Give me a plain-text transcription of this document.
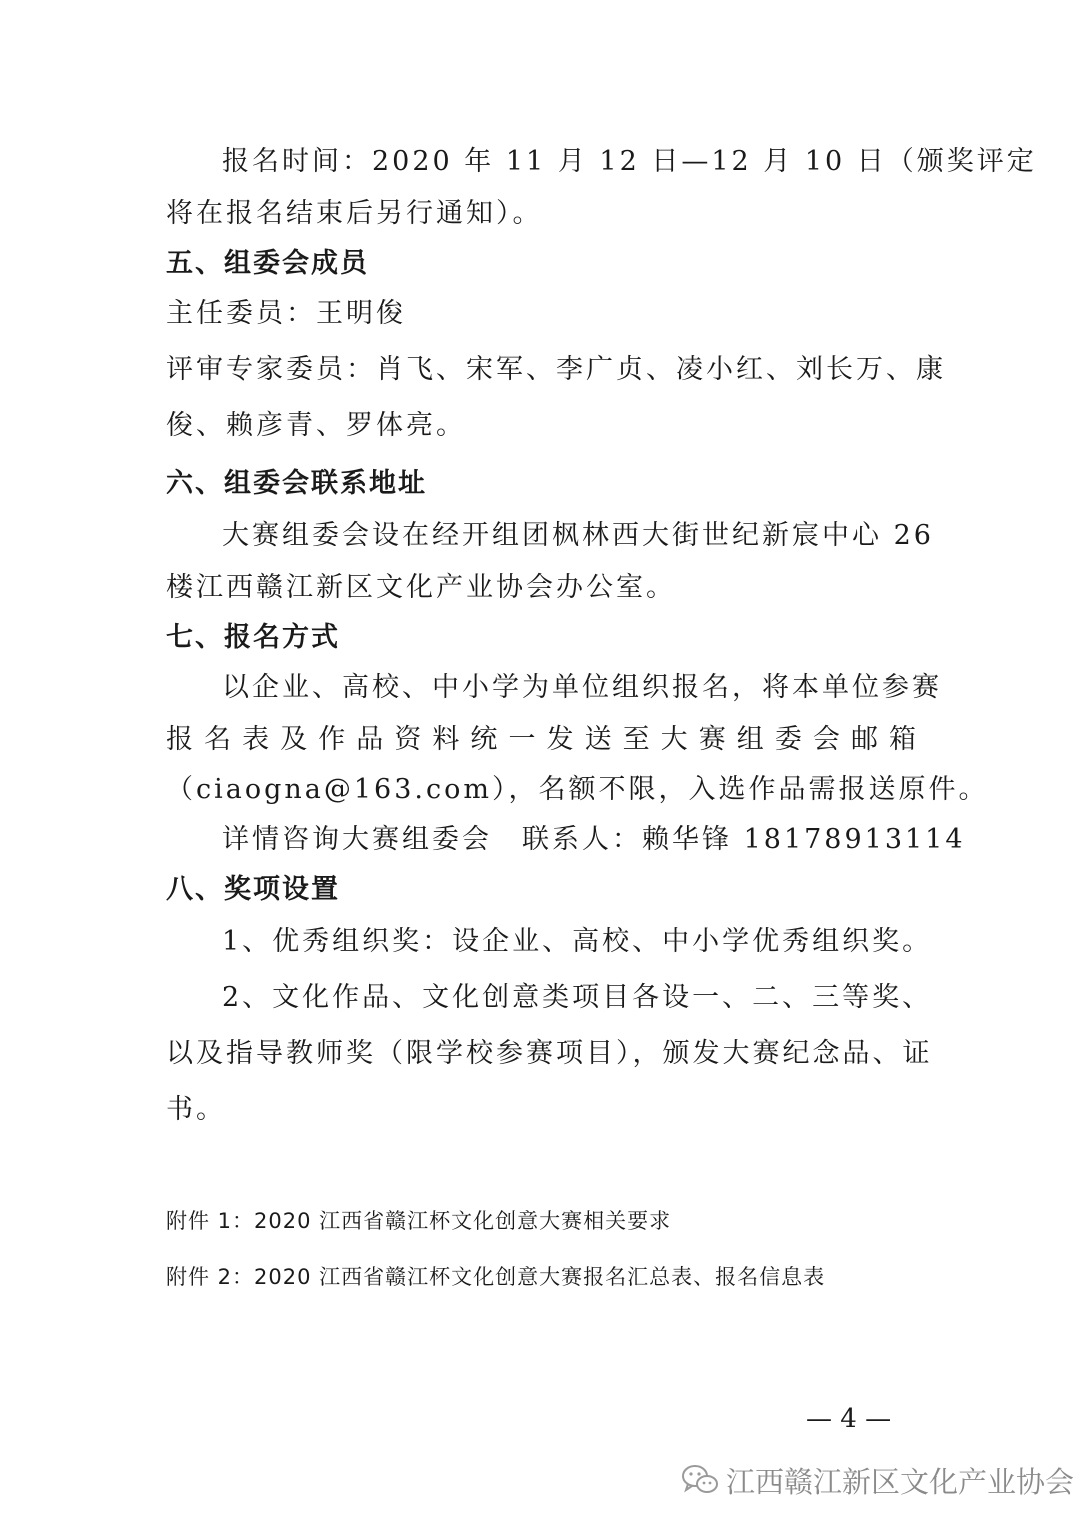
报名时间：2020 年 11 月 12 日—12 月 10 日（颁奖评定
将在报名结束后另行通知）。
五、组委会成员
主任委员：王明俊
评审专家委员：肖飞、宋军、李广贞、凌小红、刘长万、康
俊、赖彦青、罗体亮。
六、组委会联系地址
大赛组委会设在经开组团枫林西大街世纪新宸中心 26
楼江西赣江新区文化产业协会办公室。
七、报名方式
以企业、高校、中小学为单位组织报名，将本单位参赛
报名表及作品资料统一发送至大赛组委会邮箱
（ciaogna@163.com），名额不限，入选作品需报送原件。
详情咨询大赛组委会　联系人：赖华锋 18178913114
八、奖项设置
1、优秀组织奖：设企业、高校、中小学优秀组织奖。
2、文化作品、文化创意类项目各设一、二、三等奖、
以及指导教师奖（限学校参赛项目），颁发大赛纪念品、证
书。
附件 1：2020 江西省赣江杯文化创意大赛相关要求
附件 2：2020 江西省赣江杯文化创意大赛报名汇总表、报名信息表
— 4 —
江西赣江新区文化产业协会
